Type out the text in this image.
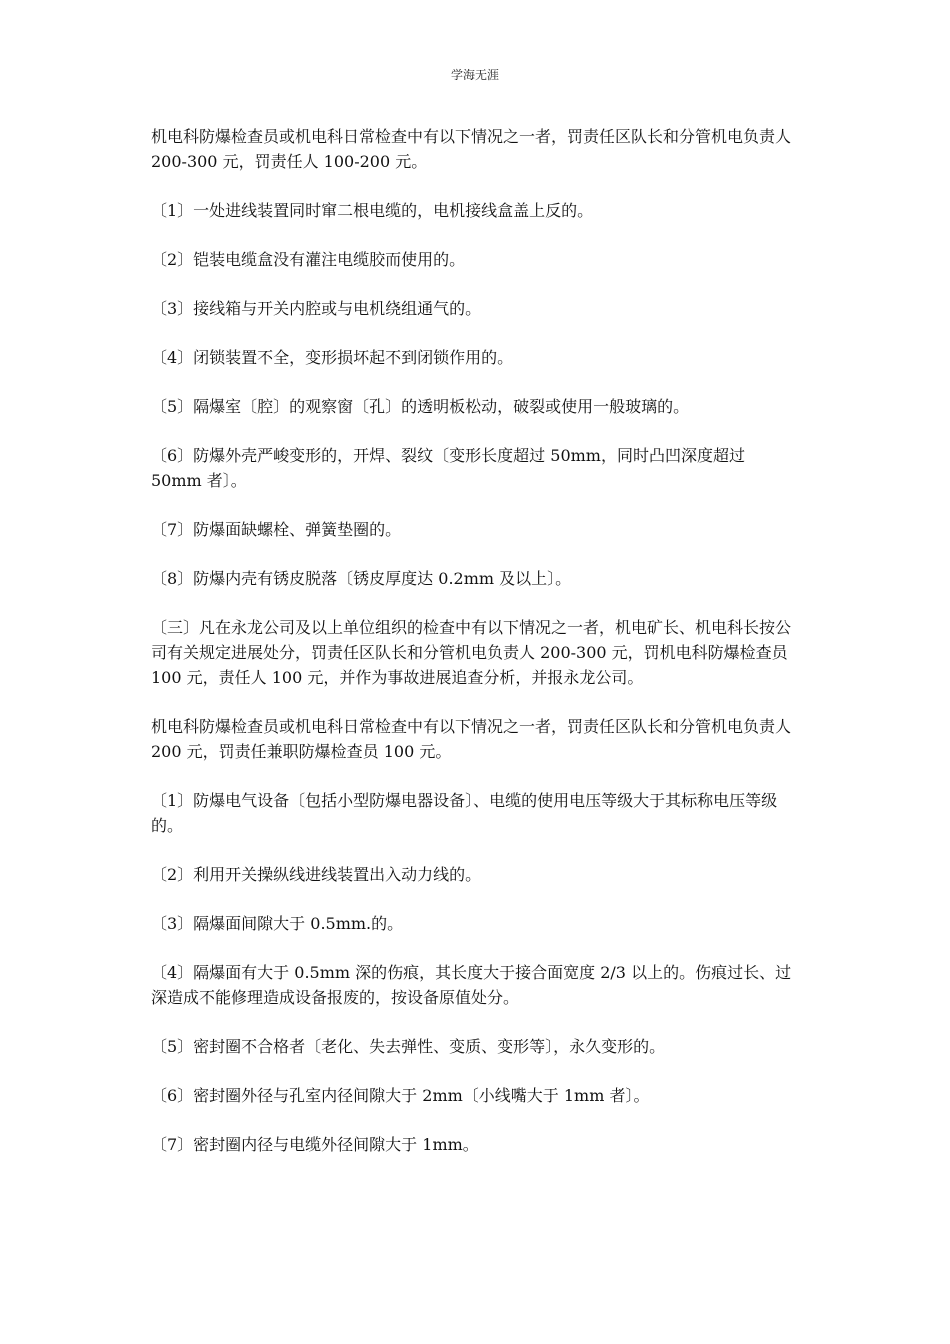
学海无涯

机电科防爆检查员或机电科日常检查中有以下情况之一者，罚责任区队长和分管机电负责人 200-300 元，罚责任人 100-200 元。

〔1〕一处进线装置同时窜二根电缆的，电机接线盒盖上反的。

〔2〕铠装电缆盒没有灌注电缆胶而使用的。

〔3〕接线箱与开关内腔或与电机绕组通气的。

〔4〕闭锁装置不全，变形损坏起不到闭锁作用的。

〔5〕隔爆室〔腔〕的观察窗〔孔〕的透明板松动，破裂或使用一般玻璃的。

〔6〕防爆外壳严峻变形的，开焊、裂纹〔变形长度超过 50mm，同时凸凹深度超过 50mm 者〕。

〔7〕防爆面缺螺栓、弹簧垫圈的。

〔8〕防爆内壳有锈皮脱落〔锈皮厚度达 0.2mm 及以上〕。

〔三〕凡在永龙公司及以上单位组织的检查中有以下情况之一者，机电矿长、机电科长按公司有关规定进展处分，罚责任区队长和分管机电负责人 200-300 元，罚机电科防爆检查员 100 元，责任人 100 元，并作为事故进展追查分析，并报永龙公司。

机电科防爆检查员或机电科日常检查中有以下情况之一者，罚责任区队长和分管机电负责人 200 元，罚责任兼职防爆检查员 100 元。

〔1〕防爆电气设备〔包括小型防爆电器设备〕、电缆的使用电压等级大于其标称电压等级的。

〔2〕利用开关操纵线进线装置出入动力线的。

〔3〕隔爆面间隙大于 0.5mm.的。

〔4〕隔爆面有大于 0.5mm 深的伤痕，其长度大于接合面宽度 2/3 以上的。伤痕过长、过深造成不能修理造成设备报废的，按设备原值处分。

〔5〕密封圈不合格者〔老化、失去弹性、变质、变形等〕，永久变形的。

〔6〕密封圈外径与孔室内径间隙大于 2mm〔小线嘴大于 1mm 者〕。

〔7〕密封圈内径与电缆外径间隙大于 1mm。
